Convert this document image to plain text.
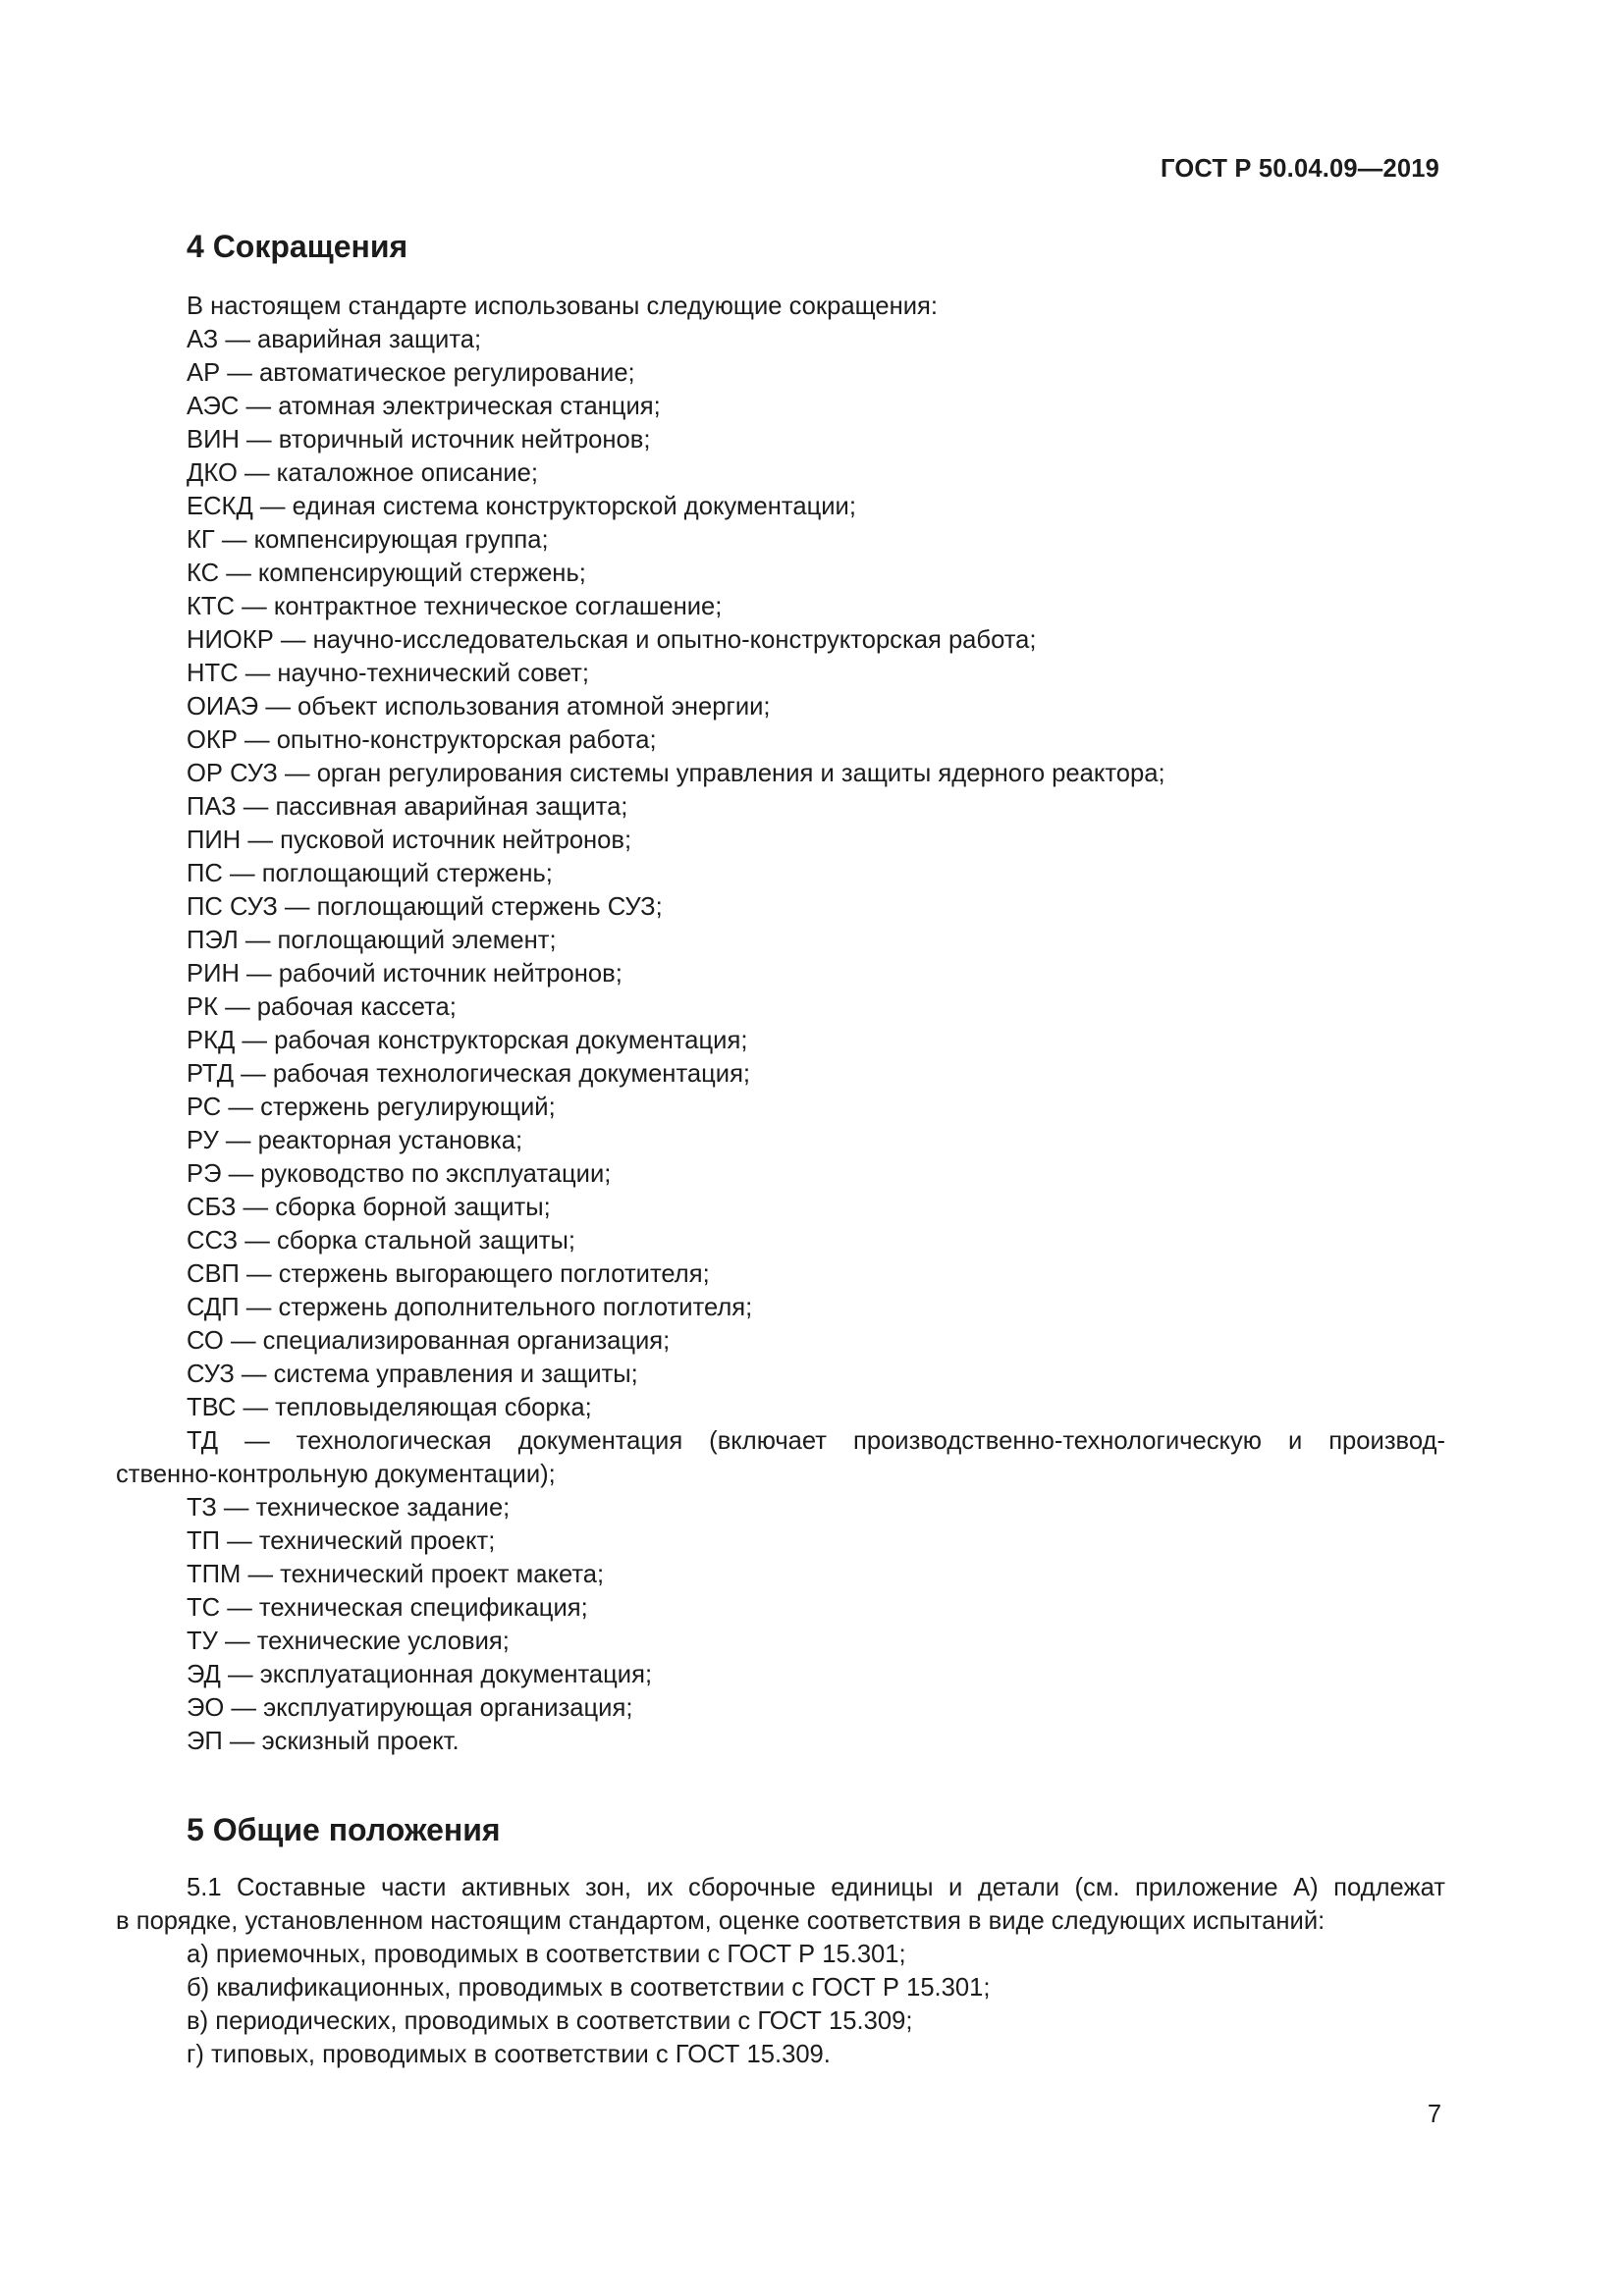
ГОСТ Р 50.04.09—2019
4 Сокращения
В настоящем стандарте использованы следующие сокращения:
АЗ — аварийная защита;
АР — автоматическое регулирование;
АЭС — атомная электрическая станция;
ВИН — вторичный источник нейтронов;
ДКО — каталожное описание;
ЕСКД — единая система конструкторской документации;
КГ — компенсирующая группа;
КС — компенсирующий стержень;
КТС — контрактное техническое соглашение;
НИОКР — научно-исследовательская и опытно-конструкторская работа;
НТС — научно-технический совет;
ОИАЭ — объект использования атомной энергии;
ОКР — опытно-конструкторская работа;
ОР СУЗ — орган регулирования системы управления и защиты ядерного реактора;
ПАЗ — пассивная аварийная защита;
ПИН — пусковой источник нейтронов;
ПС — поглощающий стержень;
ПС СУЗ — поглощающий стержень СУЗ;
ПЭЛ — поглощающий элемент;
РИН — рабочий источник нейтронов;
РК — рабочая кассета;
РКД — рабочая конструкторская документация;
РТД — рабочая технологическая документация;
РС — стержень регулирующий;
РУ — реакторная установка;
РЭ — руководство по эксплуатации;
СБЗ — сборка борной защиты;
ССЗ — сборка стальной защиты;
СВП — стержень выгорающего поглотителя;
СДП — стержень дополнительного поглотителя;
СО — специализированная организация;
СУЗ — система управления и защиты;
ТВС — тепловыделяющая сборка;
ТД — технологическая документация (включает производственно-технологическую и производ-
ственно-контрольную документации);
ТЗ — техническое задание;
ТП — технический проект;
ТПМ — технический проект макета;
ТС — техническая спецификация;
ТУ — технические условия;
ЭД — эксплуатационная документация;
ЭО — эксплуатирующая организация;
ЭП — эскизный проект.
5 Общие положения
5.1 Составные части активных зон, их сборочные единицы и детали (см. приложение А) подлежат
в порядке, установленном настоящим стандартом, оценке соответствия в виде следующих испытаний:
а) приемочных, проводимых в соответствии с ГОСТ Р 15.301;
б) квалификационных, проводимых в соответствии с ГОСТ Р 15.301;
в) периодических, проводимых в соответствии с ГОСТ 15.309;
г) типовых, проводимых в соответствии с ГОСТ 15.309.
7
